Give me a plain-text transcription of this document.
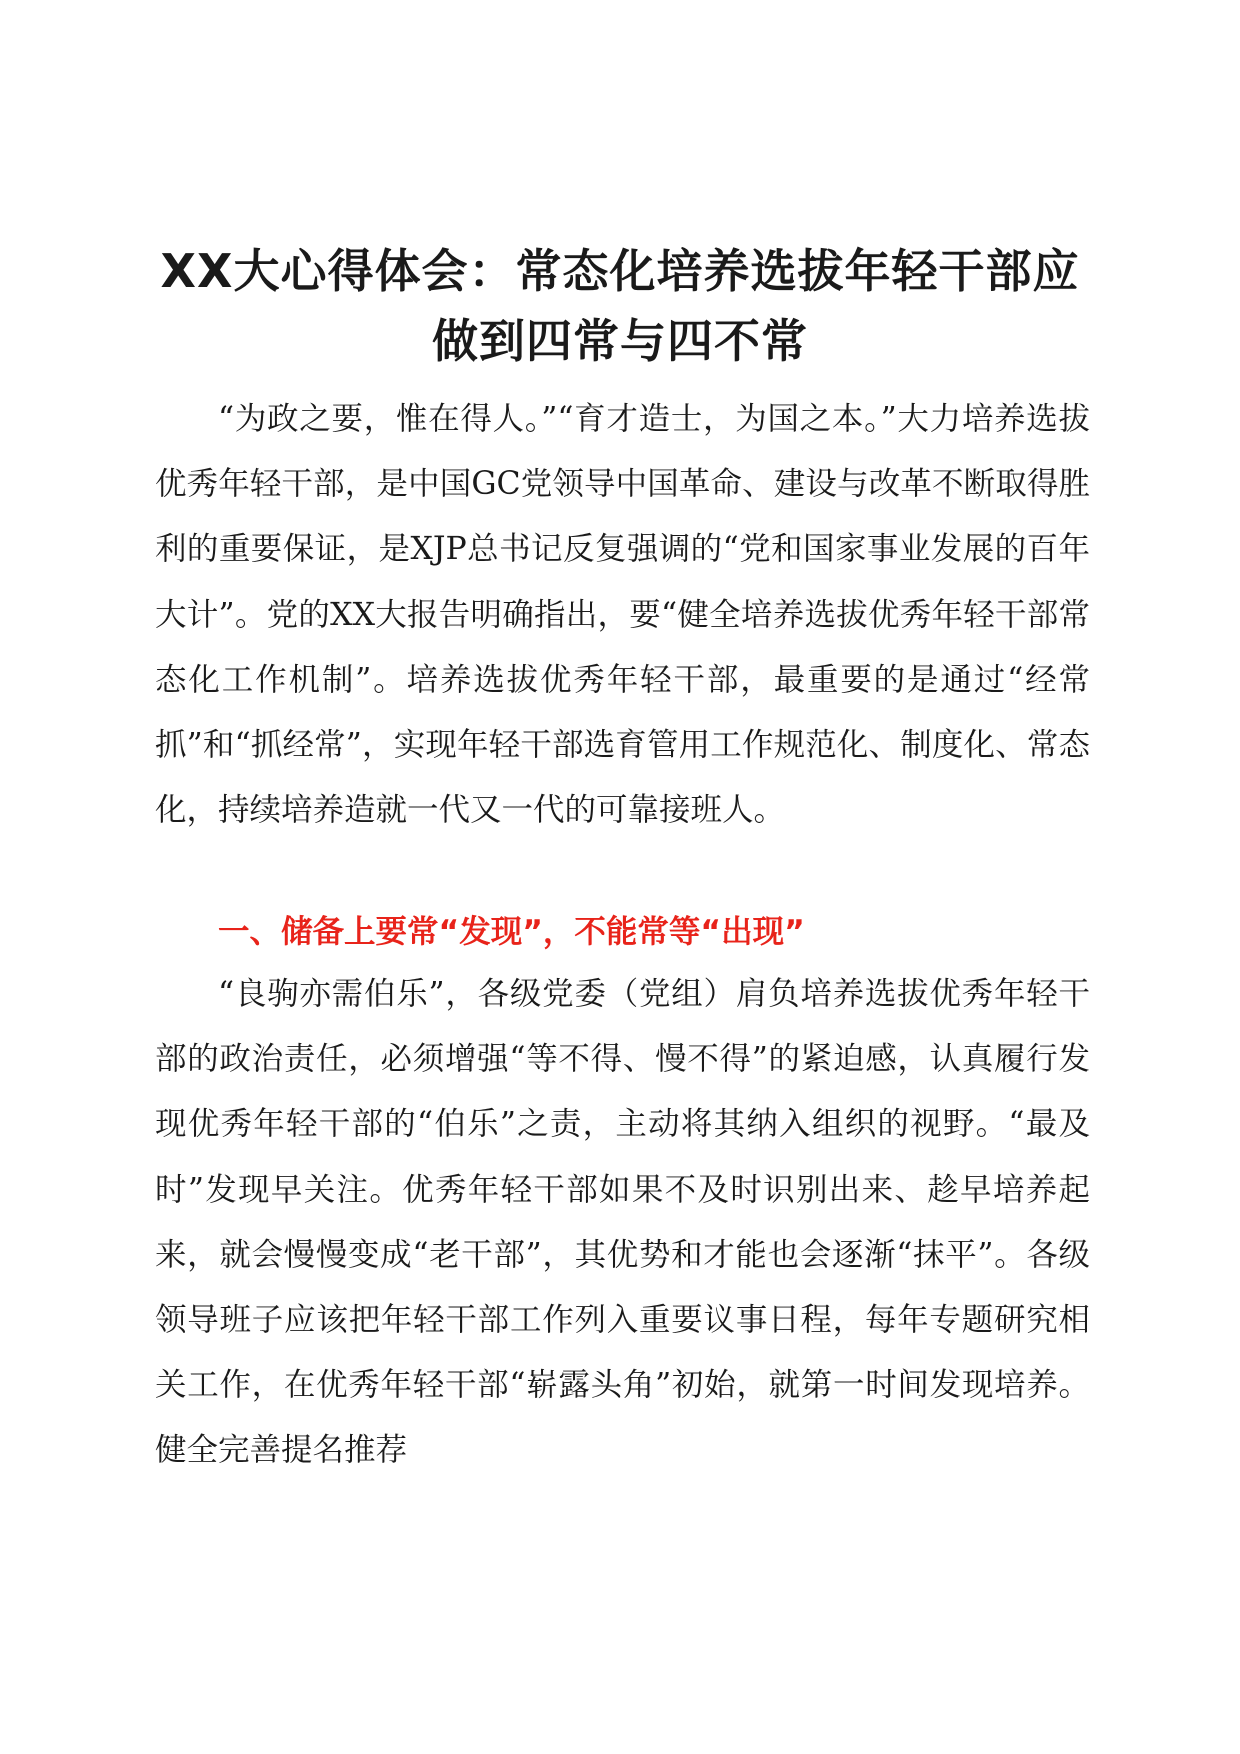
XX大心得体会：常态化培养选拔年轻干部应
做到四常与四不常

“为政之要，惟在得人。”“育才造士，为国之本。”大力培养选拔优秀年轻干部，是中国GC党领导中国革命、建设与改革不断取得胜利的重要保证，是XJP总书记反复强调的“党和国家事业发展的百年大计”。党的XX大报告明确指出，要“健全培养选拔优秀年轻干部常态化工作机制”。培养选拔优秀年轻干部，最重要的是通过“经常抓”和“抓经常”，实现年轻干部选育管用工作规范化、制度化、常态化，持续培养造就一代又一代的可靠接班人。

一、储备上要常“发现”，不能常等“出现”

“良驹亦需伯乐”，各级党委（党组）肩负培养选拔优秀年轻干部的政治责任，必须增强“等不得、慢不得”的紧迫感，认真履行发现优秀年轻干部的“伯乐”之责，主动将其纳入组织的视野。“最及时”发现早关注。优秀年轻干部如果不及时识别出来、趁早培养起来，就会慢慢变成“老干部”，其优势和才能也会逐渐“抹平”。各级领导班子应该把年轻干部工作列入重要议事日程，每年专题研究相关工作，在优秀年轻干部“崭露头角”初始，就第一时间发现培养。健全完善提名推荐
